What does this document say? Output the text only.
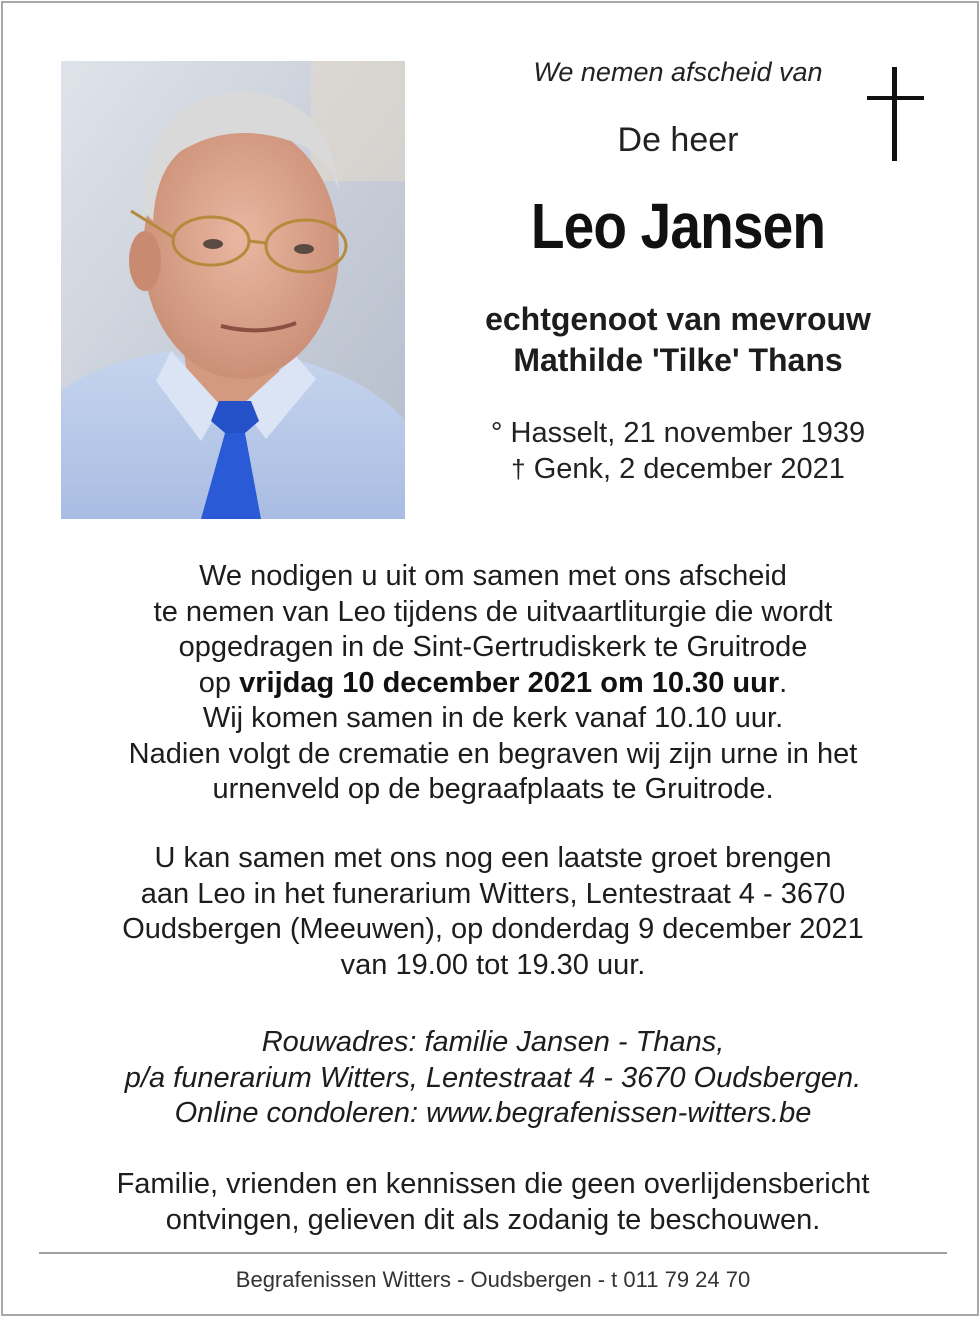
We nemen afscheid van
De heer
Leo Jansen
echtgenoot van mevrouw
Mathilde 'Tilke' Thans
° Hasselt, 21 november 1939
† Genk, 2 december 2021
We nodigen u uit om samen met ons afscheid
te nemen van Leo tijdens de uitvaartliturgie die wordt
opgedragen in de Sint-Gertrudiskerk te Gruitrode
op vrijdag 10 december 2021 om 10.30 uur.
Wij komen samen in de kerk vanaf 10.10 uur.
Nadien volgt de crematie en begraven wij zijn urne in het
urnenveld op de begraafplaats te Gruitrode.
U kan samen met ons nog een laatste groet brengen
aan Leo in het funerarium Witters, Lentestraat 4 - 3670
Oudsbergen (Meeuwen), op donderdag 9 december 2021
van 19.00 tot 19.30 uur.
Rouwadres: familie Jansen - Thans,
p/a funerarium Witters, Lentestraat 4 - 3670 Oudsbergen.
Online condoleren: www.begrafenissen-witters.be
Familie, vrienden en kennissen die geen overlijdensbericht
ontvingen, gelieven dit als zodanig te beschouwen.
Begrafenissen Witters - Oudsbergen - t 011 79 24 70
